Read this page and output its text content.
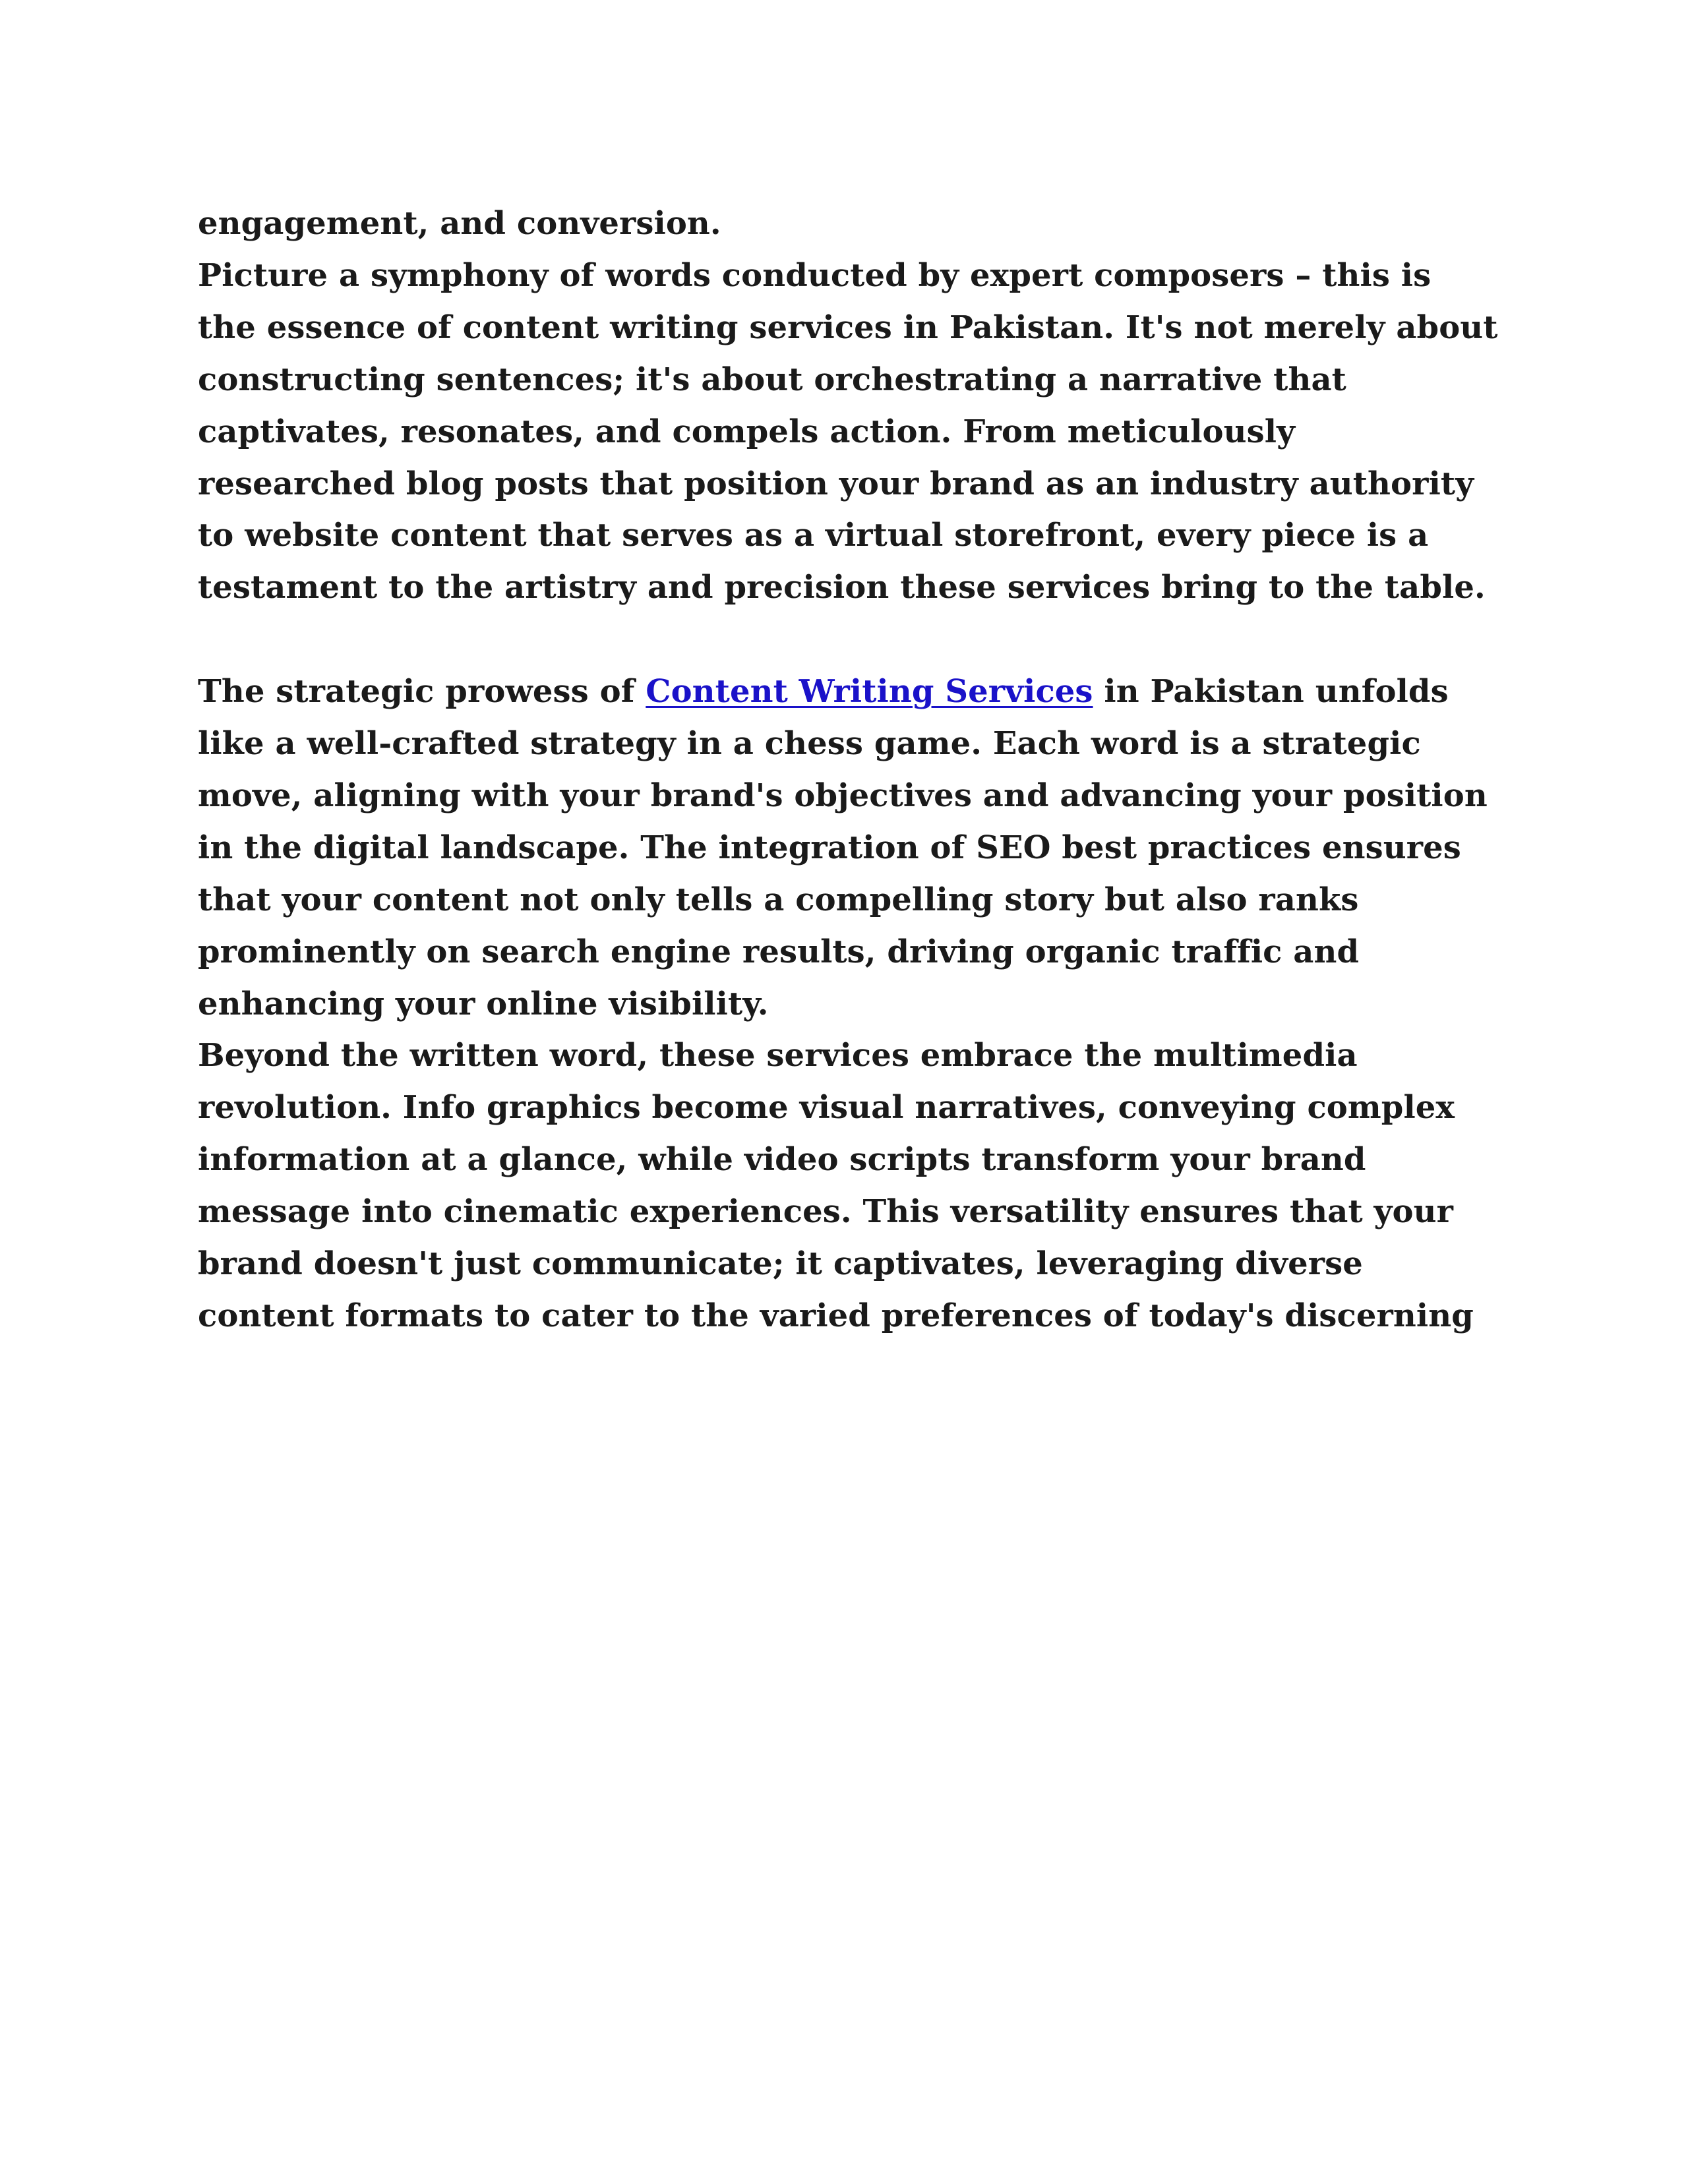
engagement, and conversion.
Picture a symphony of words conducted by expert composers – this is
the essence of content writing services in Pakistan. It's not merely about
constructing sentences; it's about orchestrating a narrative that
captivates, resonates, and compels action. From meticulously
researched blog posts that position your brand as an industry authority
to website content that serves as a virtual storefront, every piece is a
testament to the artistry and precision these services bring to the table.
The strategic prowess of Content Writing Services in Pakistan unfolds
like a well-crafted strategy in a chess game. Each word is a strategic
move, aligning with your brand's objectives and advancing your position
in the digital landscape. The integration of SEO best practices ensures
that your content not only tells a compelling story but also ranks
prominently on search engine results, driving organic traffic and
enhancing your online visibility.
Beyond the written word, these services embrace the multimedia
revolution. Info graphics become visual narratives, conveying complex
information at a glance, while video scripts transform your brand
message into cinematic experiences. This versatility ensures that your
brand doesn't just communicate; it captivates, leveraging diverse
content formats to cater to the varied preferences of today's discerning
